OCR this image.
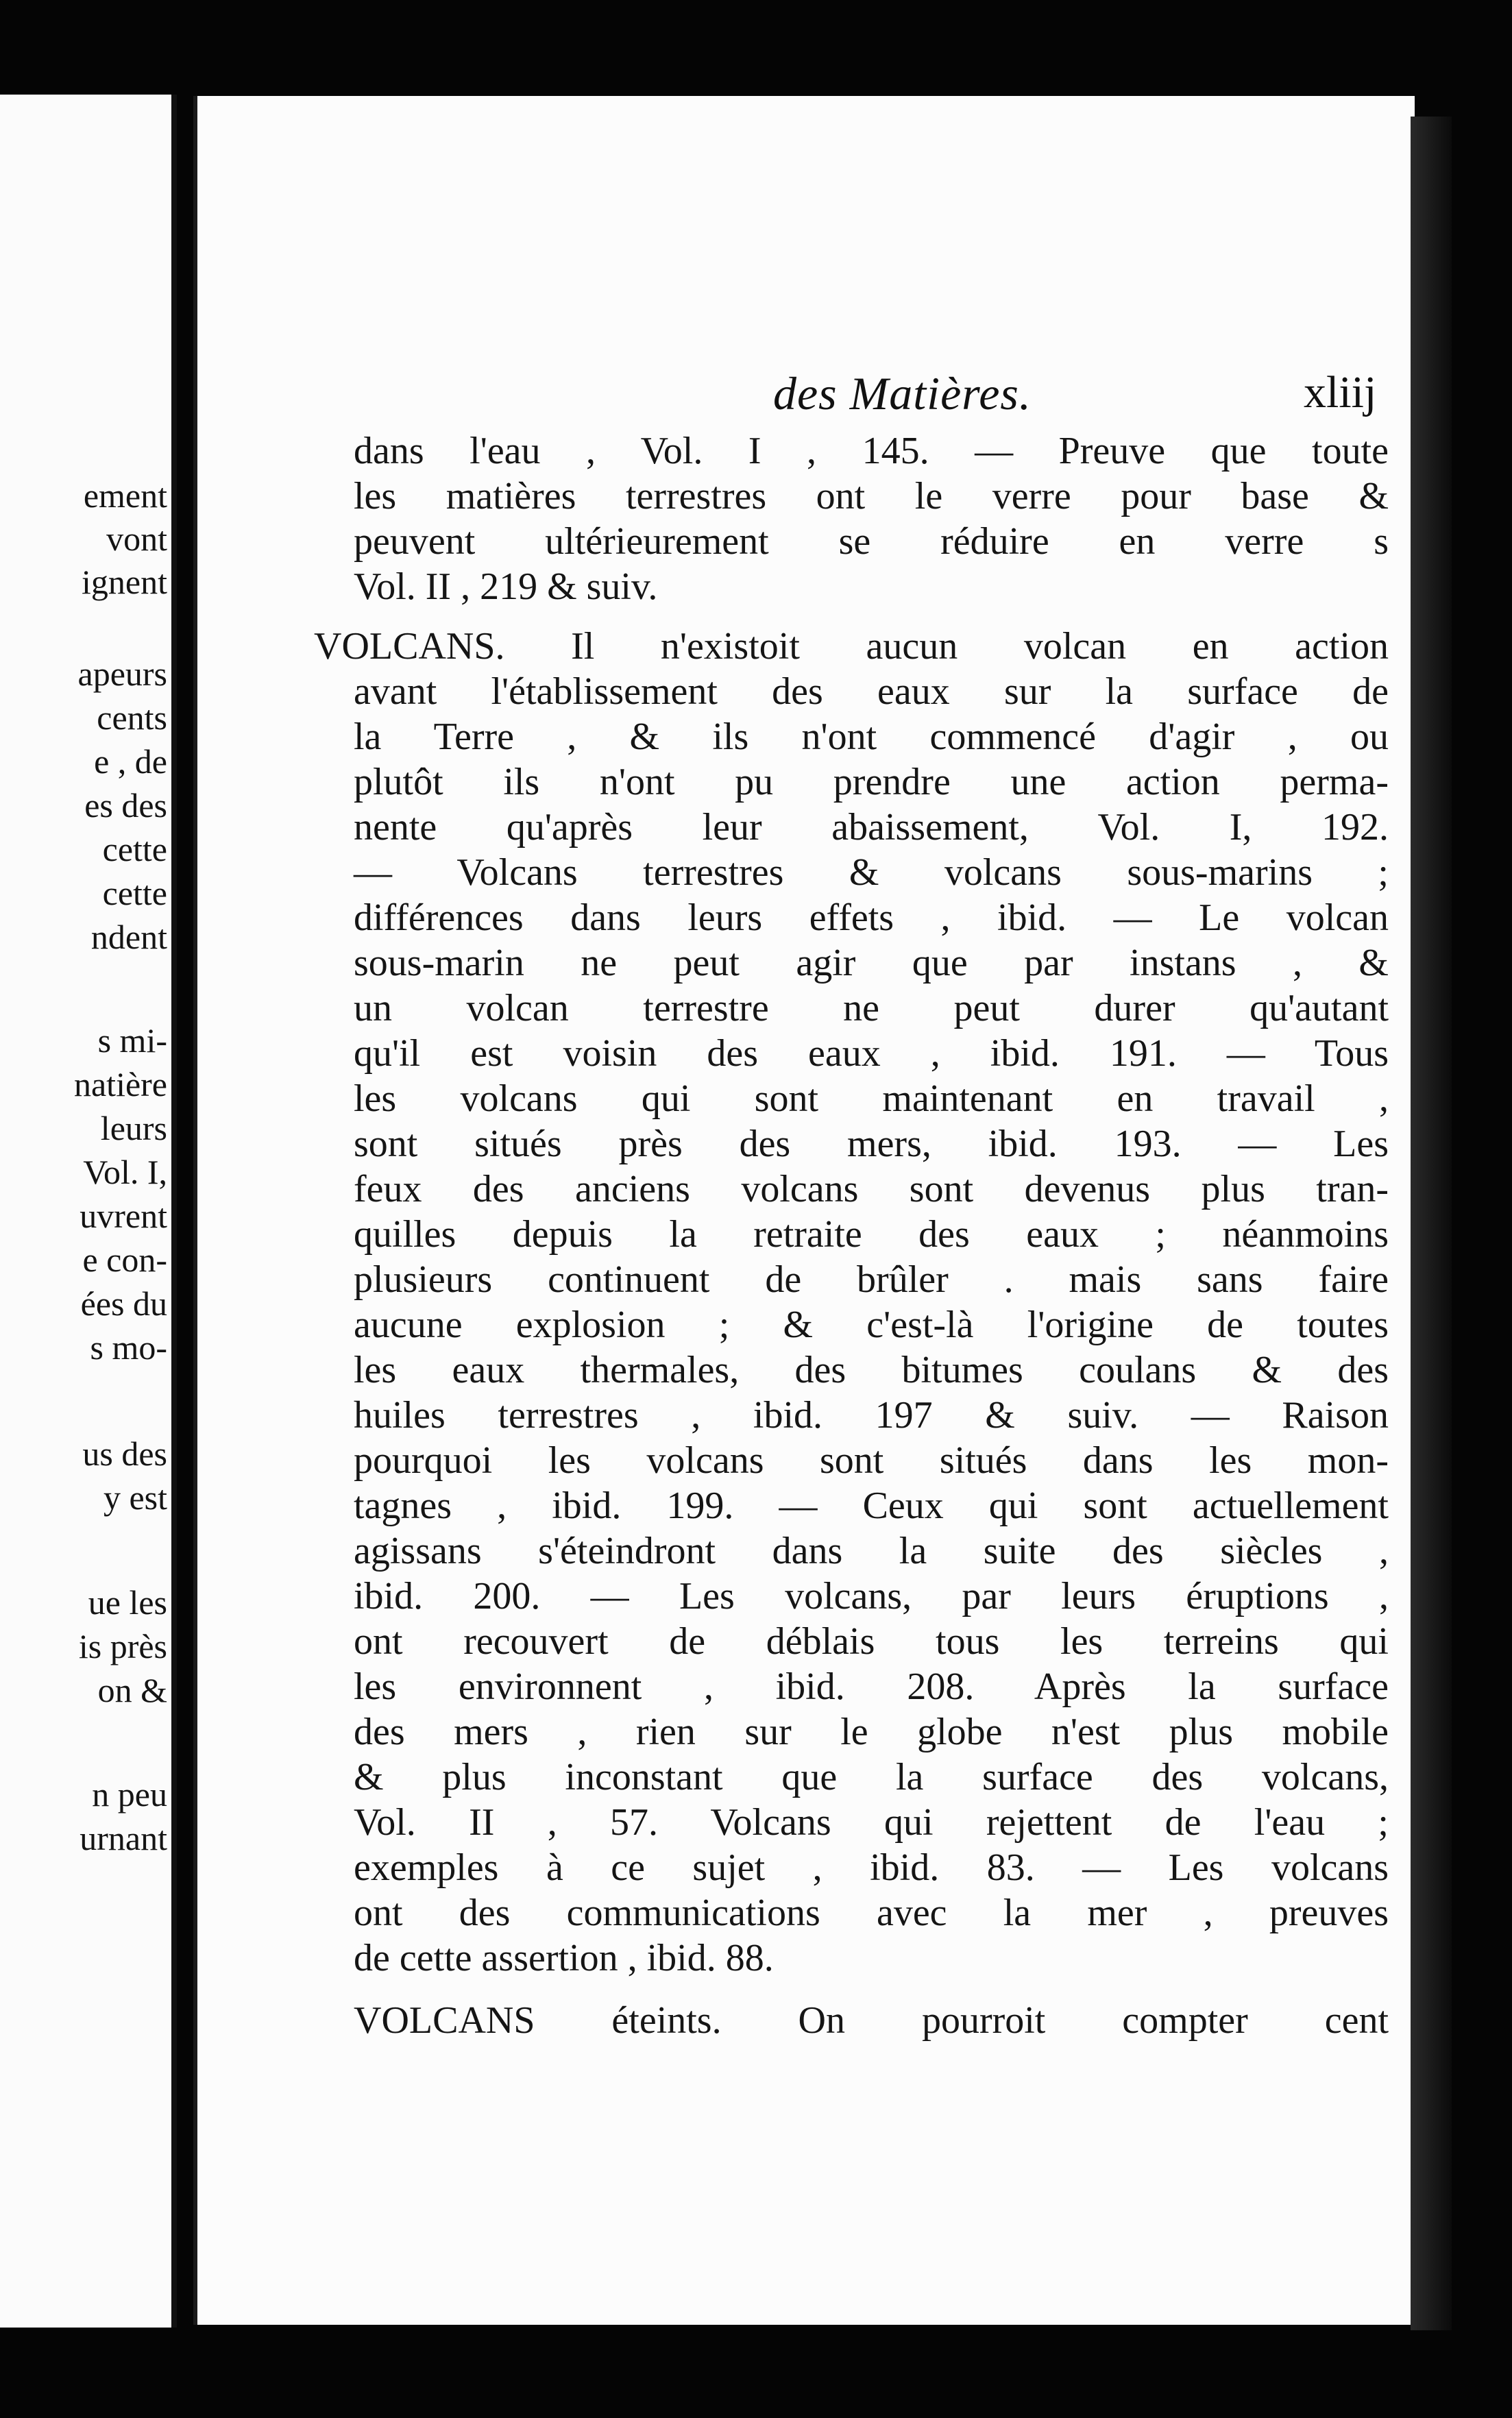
ement

vont

ignent

apeurs

cents

e , de

es des

cette

cette

ndent

s mi-

natière

leurs

Vol. I,

uvrent

e con-

ées du

s mo-

us des

y est

ue les

is près

on &

n peu

urnant

des Matières.	xliij

dans l'eau , Vol. I , 145. — Preuve que toute

les matières terrestres ont le verre pour base &

peuvent ultérieurement se réduire en verre s

Vol. II , 219 & suiv.

VOLCANS. Il n'existoit aucun volcan en action

avant l'établissement des eaux sur la surface de

la Terre , & ils n'ont commencé d'agir , ou

plutôt ils n'ont pu prendre une action perma-

nente qu'après leur abaissement, Vol. I, 192.

— Volcans terrestres & volcans sous-marins ;

différences dans leurs effets , ibid. — Le volcan

sous-marin ne peut agir que par instans , &

un volcan terrestre ne peut durer qu'autant

qu'il est voisin des eaux , ibid. 191. — Tous

les volcans qui sont maintenant en travail ,

sont situés près des mers, ibid. 193. — Les

feux des anciens volcans sont devenus plus tran-

quilles depuis la retraite des eaux ; néanmoins

plusieurs continuent de brûler . mais sans faire

aucune explosion ; & c'est-là l'origine de toutes

les eaux thermales, des bitumes coulans & des

huiles terrestres , ibid. 197 & suiv. — Raison

pourquoi les volcans sont situés dans les mon-

tagnes , ibid. 199. — Ceux qui sont actuellement

agissans s'éteindront dans la suite des siècles ,

ibid. 200. — Les volcans, par leurs éruptions ,

ont recouvert de déblais tous les terreins qui

les environnent , ibid. 208. Après la surface

des mers , rien sur le globe n'est plus mobile

& plus inconstant que la surface des volcans,

Vol. II , 57. Volcans qui rejettent de l'eau ;

exemples à ce sujet , ibid. 83. — Les volcans

ont des communications avec la mer , preuves

de cette assertion , ibid. 88.

VOLCANS éteints. On pourroit compter cent
